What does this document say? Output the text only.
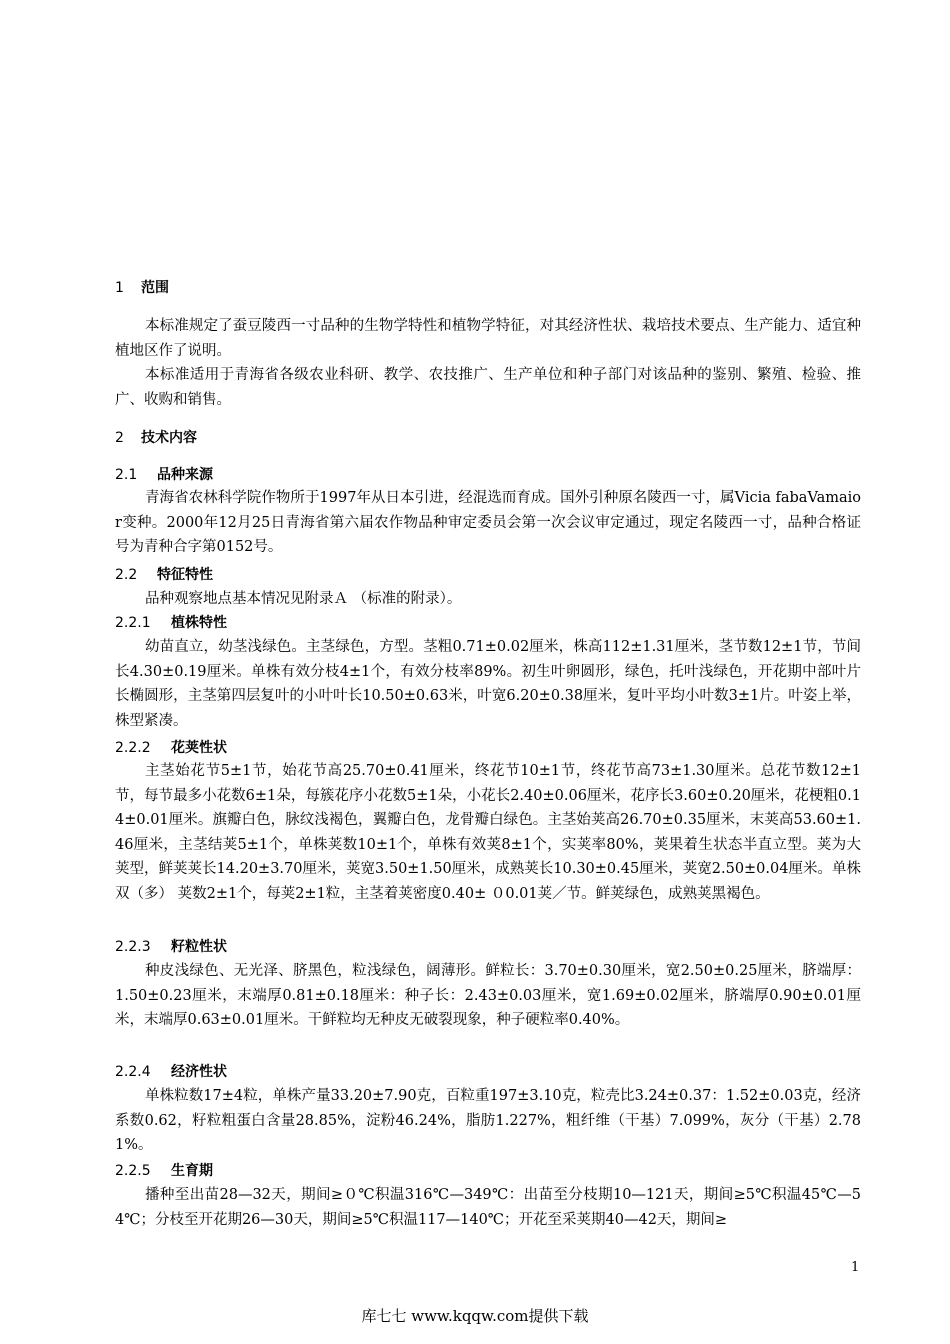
1 范围

本标准规定了蚕豆陵西一寸品种的生物学特性和植物学特征，对其经济性状、栽培技术要点、生产能力、适宜种植地区作了说明。

本标准适用于青海省各级农业科研、教学、农技推广、生产单位和种子部门对该品种的鉴别、繁殖、检验、推广、收购和销售。

2 技术内容
2.1 品种来源

青海省农林科学院作物所于1997年从日本引进，经混选而育成。国外引种原名陵西一寸，属Vicia fabaVamaior变种。2000年12月25日青海省第六届农作物品种审定委员会第一次会议审定通过，现定名陵西一寸，品种合格证号为青种合字第0152号。

2.2 特征特性

品种观察地点基本情况见附录Ａ （标准的附录）。

2.2.1 植株特性

幼苗直立，幼茎浅绿色。主茎绿色，方型。茎粗0.71±0.02厘米，株高112±1.31厘米，茎节数12±1节，节间长4.30±0.19厘米。单株有效分枝4±1个，有效分枝率89%。初生叶卵圆形，绿色，托叶浅绿色，开花期中部叶片长椭圆形，主茎第四层复叶的小叶叶长10.50±0.63米，叶宽6.20±0.38厘米，复叶平均小叶数3±1片。叶姿上举，株型紧凑。

2.2.2 花荚性状

主茎始花节5±1节，始花节高25.70±0.41厘米，终花节10±1节，终花节高73±1.30厘米。总花节数12±1节，每节最多小花数6±1朵，每簇花序小花数5±1朵，小花长2.40±0.06厘米，花序长3.60±0.20厘米，花梗粗0.14±0.01厘米。旗瓣白色，脉纹浅褐色，翼瓣白色，龙骨瓣白绿色。主茎始荚高26.70±0.35厘米，末荚高53.60±1.46厘米，主茎结荚5±1个，单株荚数10±1个，单株有效荚8±1个，实荚率80%，荚果着生状态半直立型。荚为大荚型，鲜荚荚长14.20±3.70厘米，荚宽3.50±1.50厘米，成熟荚长10.30±0.45厘米，荚宽2.50±0.04厘米。单株双（多） 荚数2±1个，每荚2±1粒，主茎着荚密度0.40± ０0.01荚／节。鲜荚绿色，成熟荚黑褐色。

2.2.3 籽粒性状

种皮浅绿色、无光泽、脐黑色，粒浅绿色，阔薄形。鲜粒长：3.70±0.30厘米，宽2.50±0.25厘米，脐端厚：1.50±0.23厘米，末端厚0.81±0.18厘米：种子长：2.43±0.03厘米，宽1.69±0.02厘米，脐端厚0.90±0.01厘米，末端厚0.63±0.01厘米。干鲜粒均无种皮无破裂现象，种子硬粒率0.40%。

2.2.4 经济性状

单株粒数17±4粒，单株产量33.20±7.90克，百粒重197±3.10克，粒壳比3.24±0.37：1.52±0.03克，经济系数0.62，籽粒粗蛋白含量28.85%，淀粉46.24%，脂肪1.227%，粗纤维（干基）7.099%，灰分（干基）2.781%。

2.2.5 生育期

播种至出苗28—32天，期间≥０℃积温316℃—349℃：出苗至分枝期10—121天，期间≥5℃积温45℃—54℃；分枝至开花期26—30天，期间≥5℃积温117—140℃；开花至采荚期40—42天，期间≥

1
库七七 www.kqqw.com提供下载
